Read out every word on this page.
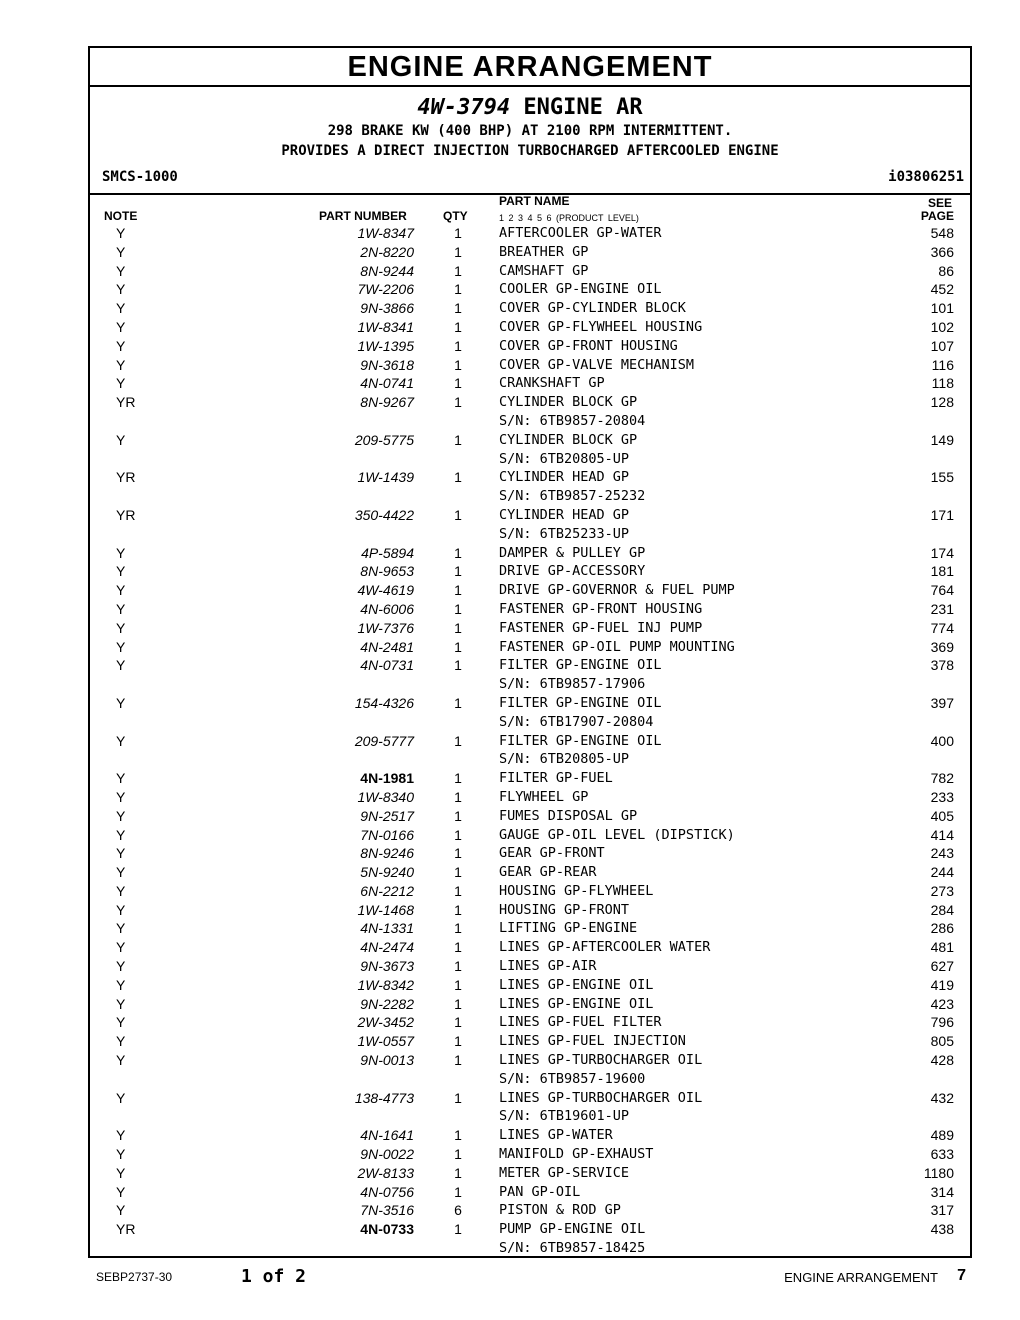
ENGINE ARRANGEMENT
4W-3794 ENGINE AR
298 BRAKE KW (400 BHP) AT 2100 RPM INTERMITTENT.
PROVIDES A DIRECT INJECTION TURBOCHARGED AFTERCOOLED ENGINE
SMCS-1000	i03806251
NOTE	PART NUMBER	QTY
PART NAME
1 2 3 4 5 6 (PRODUCT LEVEL)
SEE
PAGE
Y	1W-8347	1	AFTERCOOLER GP-WATER	548
Y	2N-8220	1	BREATHER GP	366
Y	8N-9244	1	CAMSHAFT GP	86
Y	7W-2206	1	COOLER GP-ENGINE OIL	452
Y	9N-3866	1	COVER GP-CYLINDER BLOCK	101
Y	1W-8341	1	COVER GP-FLYWHEEL HOUSING	102
Y	1W-1395	1	COVER GP-FRONT HOUSING	107
Y	9N-3618	1	COVER GP-VALVE MECHANISM	116
Y	4N-0741	1	CRANKSHAFT GP	118
YR	8N-9267	1	CYLINDER BLOCK GP	128
S/N: 6TB9857-20804
Y	209-5775	1	CYLINDER BLOCK GP	149
S/N: 6TB20805-UP
YR	1W-1439	1	CYLINDER HEAD GP	155
S/N: 6TB9857-25232
YR	350-4422	1	CYLINDER HEAD GP	171
S/N: 6TB25233-UP
Y	4P-5894	1	DAMPER & PULLEY GP	174
Y	8N-9653	1	DRIVE GP-ACCESSORY	181
Y	4W-4619	1	DRIVE GP-GOVERNOR & FUEL PUMP	764
Y	4N-6006	1	FASTENER GP-FRONT HOUSING	231
Y	1W-7376	1	FASTENER GP-FUEL INJ PUMP	774
Y	4N-2481	1	FASTENER GP-OIL PUMP MOUNTING	369
Y	4N-0731	1	FILTER GP-ENGINE OIL	378
S/N: 6TB9857-17906
Y	154-4326	1	FILTER GP-ENGINE OIL	397
S/N: 6TB17907-20804
Y	209-5777	1	FILTER GP-ENGINE OIL	400
S/N: 6TB20805-UP
Y	4N-1981	1	FILTER GP-FUEL	782
Y	1W-8340	1	FLYWHEEL GP	233
Y	9N-2517	1	FUMES DISPOSAL GP	405
Y	7N-0166	1	GAUGE GP-OIL LEVEL (DIPSTICK)	414
Y	8N-9246	1	GEAR GP-FRONT	243
Y	5N-9240	1	GEAR GP-REAR	244
Y	6N-2212	1	HOUSING GP-FLYWHEEL	273
Y	1W-1468	1	HOUSING GP-FRONT	284
Y	4N-1331	1	LIFTING GP-ENGINE	286
Y	4N-2474	1	LINES GP-AFTERCOOLER WATER	481
Y	9N-3673	1	LINES GP-AIR	627
Y	1W-8342	1	LINES GP-ENGINE OIL	419
Y	9N-2282	1	LINES GP-ENGINE OIL	423
Y	2W-3452	1	LINES GP-FUEL FILTER	796
Y	1W-0557	1	LINES GP-FUEL INJECTION	805
Y	9N-0013	1	LINES GP-TURBOCHARGER OIL	428
S/N: 6TB9857-19600
Y	138-4773	1	LINES GP-TURBOCHARGER OIL	432
S/N: 6TB19601-UP
Y	4N-1641	1	LINES GP-WATER	489
Y	9N-0022	1	MANIFOLD GP-EXHAUST	633
Y	2W-8133	1	METER GP-SERVICE	1180
Y	4N-0756	1	PAN GP-OIL	314
Y	7N-3516	6	PISTON & ROD GP	317
YR	4N-0733	1	PUMP GP-ENGINE OIL	438
S/N: 6TB9857-18425
SEBP2737-30	1 of 2	ENGINE ARRANGEMENT 7
